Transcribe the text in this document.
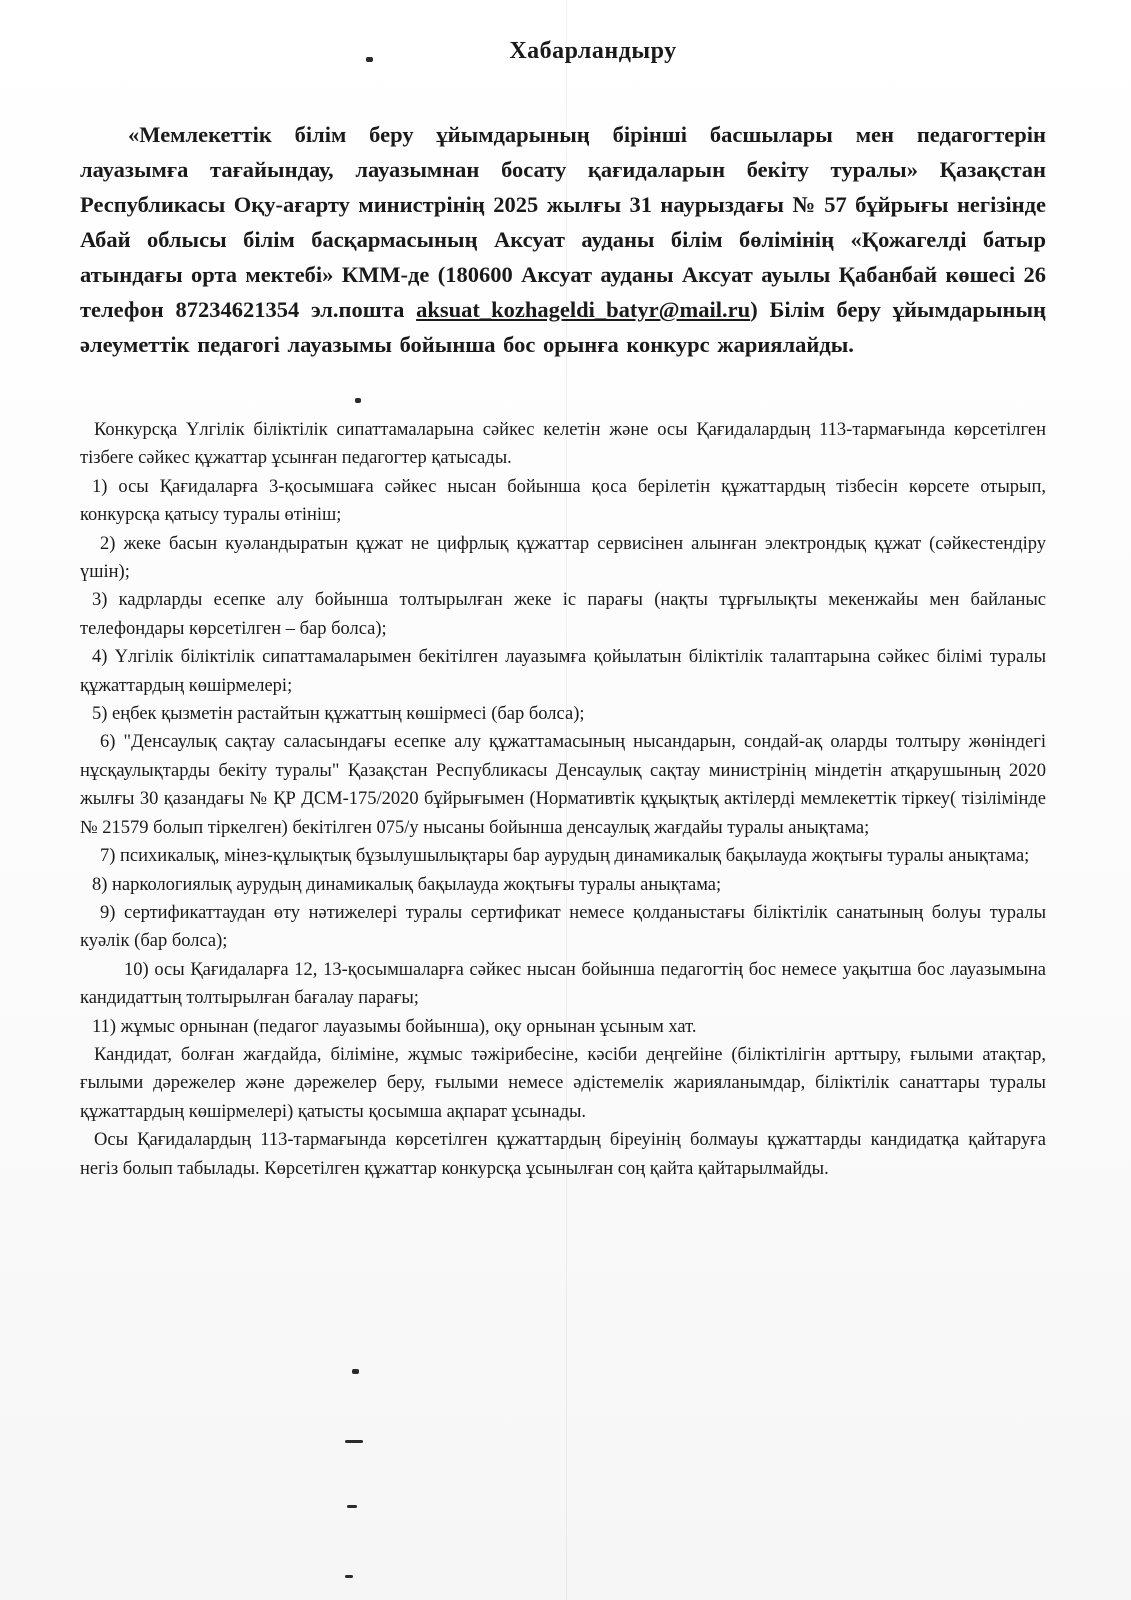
Хабарландыру

«Мемлекеттік білім беру ұйымдарының бірінші басшылары мен педагогтерін лауазымға тағайындау, лауазымнан босату қағидаларын бекіту туралы» Қазақстан Республикасы Оқу-ағарту министрінің 2025 жылғы 31 наурыздағы № 57 бұйрығы негізінде Абай облысы білім басқармасының Аксуат ауданы білім бөлімінің «Қожагелді батыр атындағы орта мектебі» КММ-де (180600 Аксуат ауданы Аксуат ауылы Қабанбай көшесі 26 телефон 87234621354 эл.пошта aksuat_kozhageldi_batyr@mail.ru) Білім беру ұйымдарының әлеуметтік педагогі лауазымы бойынша бос орынға конкурс жариялайды.

Конкурсқа Үлгілік біліктілік сипаттамаларына сәйкес келетін және осы Қағидалардың 113-тармағында көрсетілген тізбеге сәйкес құжаттар ұсынған педагогтер қатысады.

1) осы Қағидаларға 3-қосымшаға сәйкес нысан бойынша қоса берілетін құжаттардың тізбесін көрсете отырып, конкурсқа қатысу туралы өтініш;

2) жеке басын куәландыратын құжат не цифрлық құжаттар сервисінен алынған электрондық құжат (сәйкестендіру үшін);

3) кадрларды есепке алу бойынша толтырылған жеке іс парағы (нақты тұрғылықты мекенжайы мен байланыс телефондары көрсетілген – бар болса);

4) Үлгілік біліктілік сипаттамаларымен бекітілген лауазымға қойылатын біліктілік талаптарына сәйкес білімі туралы құжаттардың көшірмелері;

5) еңбек қызметін растайтын құжаттың көшірмесі (бар болса);

6) "Денсаулық сақтау саласындағы есепке алу құжаттамасының нысандарын, сондай-ақ оларды толтыру жөніндегі нұсқаулықтарды бекіту туралы" Қазақстан Республикасы Денсаулық сақтау министрінің міндетін атқарушының 2020 жылғы 30 қазандағы № ҚР ДСМ-175/2020 бұйрығымен (Нормативтік құқықтық актілерді мемлекеттік тіркеу( тізілімінде № 21579 болып тіркелген) бекітілген 075/у нысаны бойынша денсаулық жағдайы туралы анықтама;

7) психикалық, мінез-құлықтық бұзылушылықтары бар аурудың динамикалық бақылауда жоқтығы туралы анықтама;

8) наркологиялық аурудың динамикалық бақылауда жоқтығы туралы анықтама;

9) сертификаттаудан өту нәтижелері туралы сертификат немесе қолданыстағы біліктілік санатының болуы туралы куәлік (бар болса);

10) осы Қағидаларға 12, 13-қосымшаларға сәйкес нысан бойынша педагогтің бос немесе уақытша бос лауазымына кандидаттың толтырылған бағалау парағы;

11) жұмыс орнынан (педагог лауазымы бойынша), оқу орнынан ұсыным хат.

Кандидат, болған жағдайда, біліміне, жұмыс тәжірибесіне, кәсіби деңгейіне (біліктілігін арттыру, ғылыми атақтар, ғылыми дәрежелер және дәрежелер беру, ғылыми немесе әдістемелік жарияланымдар, біліктілік санаттары туралы құжаттардың көшірмелері) қатысты қосымша ақпарат ұсынады.

Осы Қағидалардың 113-тармағында көрсетілген құжаттардың біреуінің болмауы құжаттарды кандидатқа қайтаруға негіз болып табылады. Көрсетілген құжаттар конкурсқа ұсынылған соң қайта қайтарылмайды.
